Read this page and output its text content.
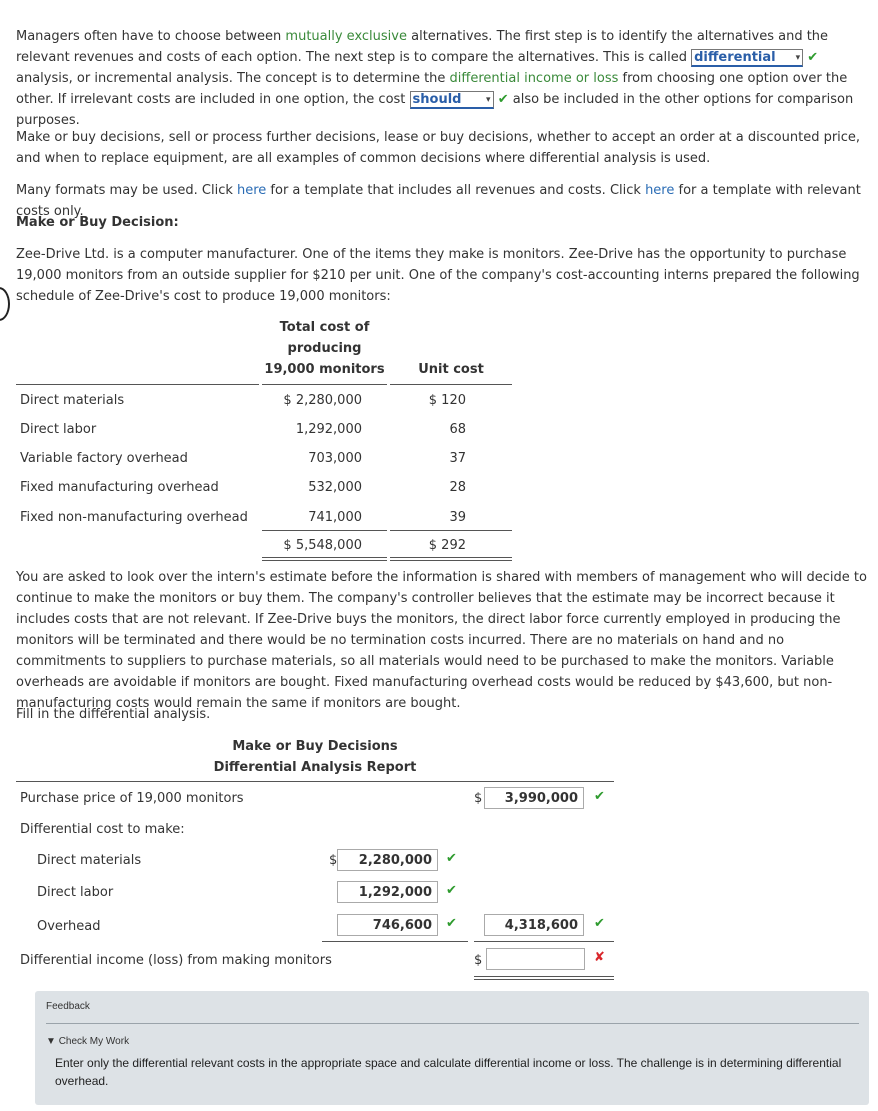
Managers often have to choose between mutually exclusive alternatives. The first step is to identify the alternatives and the relevant revenues and costs of each option. The next step is to compare the alternatives. This is called differential	▾ ✔ analysis, or incremental analysis. The concept is to determine the differential income or loss from choosing one option over the other. If irrelevant costs are included in one option, the cost should	▾ ✔ also be included in the other options for comparison purposes.

Make or buy decisions, sell or process further decisions, lease or buy decisions, whether to accept an order at a discounted price, and when to replace equipment, are all examples of common decisions where differential analysis is used.

Many formats may be used. Click here for a template that includes all revenues and costs. Click here for a template with relevant costs only.

Make or Buy Decision:

Zee-Drive Ltd. is a computer manufacturer. One of the items they make is monitors. Zee-Drive has the opportunity to purchase 19,000 monitors from an outside supplier for $210 per unit. One of the company's cost-accounting interns prepared the following schedule of Zee-Drive's cost to produce 19,000 monitors:

Total cost of
producing
19,000 monitors	Unit cost
Direct materials	$ 2,280,000	$ 120
Direct labor	1,292,000	68
Variable factory overhead	703,000	37
Fixed manufacturing overhead	532,000	28
Fixed non-manufacturing overhead	741,000	39
$ 5,548,000	$ 292

You are asked to look over the intern's estimate before the information is shared with members of management who will decide to continue to make the monitors or buy them. The company's controller believes that the estimate may be incorrect because it includes costs that are not relevant. If Zee-Drive buys the monitors, the direct labor force currently employed in producing the monitors will be terminated and there would be no termination costs incurred. There are no materials on hand and no commitments to suppliers to purchase materials, so all materials would need to be purchased to make the monitors. Variable overheads are avoidable if monitors are bought. Fixed manufacturing overhead costs would be reduced by $43,600, but non-manufacturing costs would remain the same if monitors are bought.

Fill in the differential analysis.

Make or Buy Decisions
Differential Analysis Report
Purchase price of 19,000 monitors	$	3,990,000	✔
Differential cost to make:
Direct materials	$	2,280,000	✔
Direct labor	1,292,000	✔
Overhead	746,600	✔	4,318,600	✔
Differential income (loss) from making monitors	$	✘
Feedback
▼ Check My Work
Enter only the differential relevant costs in the appropriate space and calculate differential income or loss. The challenge is in determining differential overhead.
